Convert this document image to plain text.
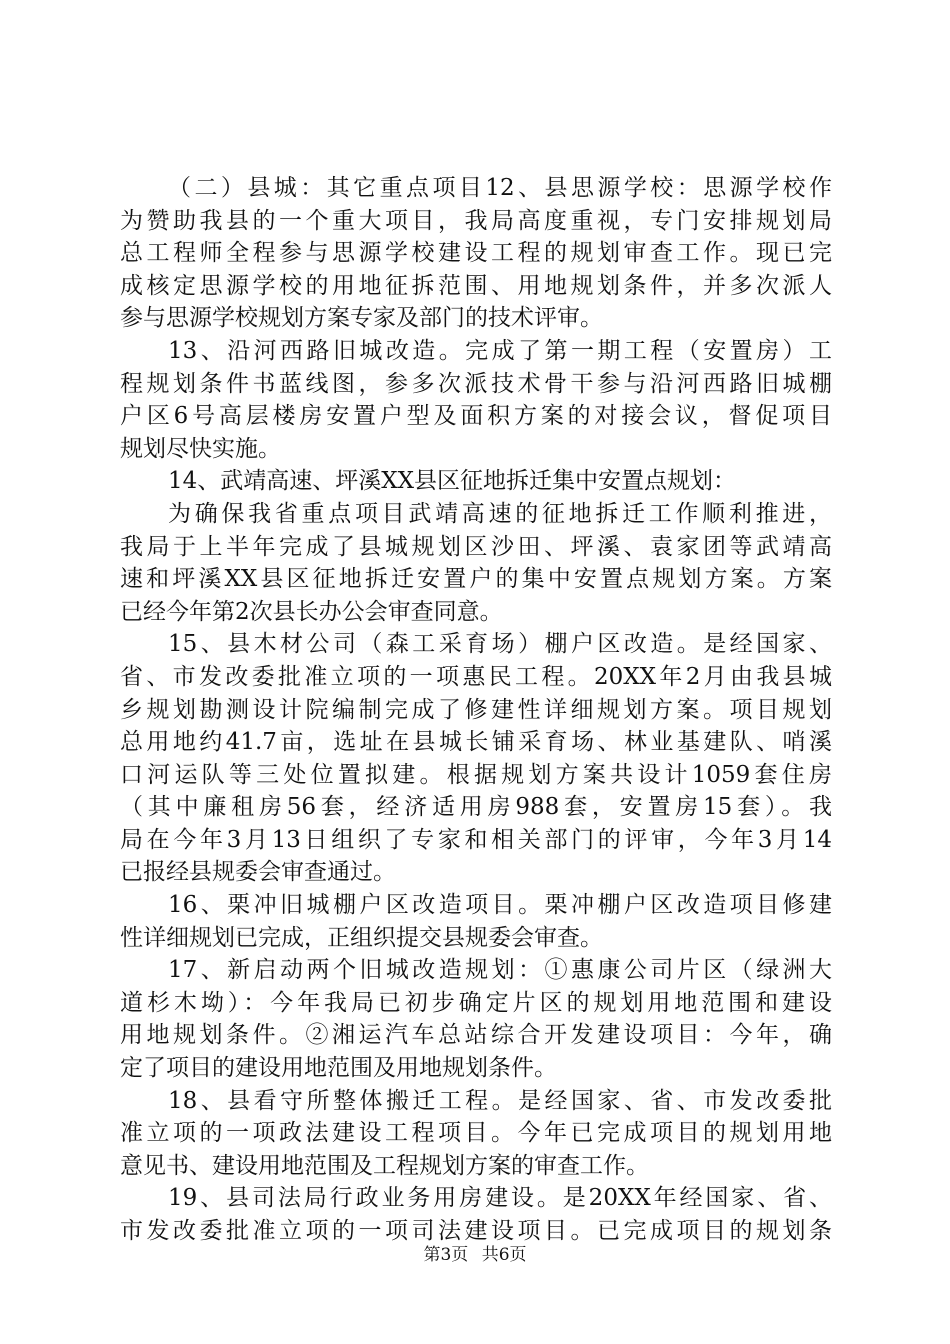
（二）县城：其它重点项目12、县思源学校：思源学校作
为赞助我县的一个重大项目，我局高度重视，专门安排规划局
总工程师全程参与思源学校建设工程的规划审查工作。现已完
成核定思源学校的用地征拆范围、用地规划条件，并多次派人
参与思源学校规划方案专家及部门的技术评审。
13、沿河西路旧城改造。完成了第一期工程（安置房）工
程规划条件书蓝线图，参多次派技术骨干参与沿河西路旧城棚
户区6号高层楼房安置户型及面积方案的对接会议，督促项目
规划尽快实施。
14、武靖高速、坪溪XX县区征地拆迁集中安置点规划：
为确保我省重点项目武靖高速的征地拆迁工作顺利推进，
我局于上半年完成了县城规划区沙田、坪溪、袁家团等武靖高
速和坪溪XX县区征地拆迁安置户的集中安置点规划方案。方案
已经今年第2次县长办公会审查同意。
15、县木材公司（森工采育场）棚户区改造。是经国家、
省、市发改委批准立项的一项惠民工程。20XX年2月由我县城
乡规划勘测设计院编制完成了修建性详细规划方案。项目规划
总用地约41.7亩，选址在县城长铺采育场、林业基建队、哨溪
口河运队等三处位置拟建。根据规划方案共设计1059套住房
（其中廉租房56套，经济适用房988套，安置房15套）。我
局在今年3月13日组织了专家和相关部门的评审，今年3月14
已报经县规委会审查通过。
16、栗冲旧城棚户区改造项目。栗冲棚户区改造项目修建
性详细规划已完成，正组织提交县规委会审查。
17、新启动两个旧城改造规划：①惠康公司片区（绿洲大
道杉木坳）：今年我局已初步确定片区的规划用地范围和建设
用地规划条件。②湘运汽车总站综合开发建设项目：今年，确
定了项目的建设用地范围及用地规划条件。
18、县看守所整体搬迁工程。是经国家、省、市发改委批
准立项的一项政法建设工程项目。今年已完成项目的规划用地
意见书、建设用地范围及工程规划方案的审查工作。
19、县司法局行政业务用房建设。是20XX年经国家、省、
市发改委批准立项的一项司法建设项目。已完成项目的规划条
第3页 共6页
